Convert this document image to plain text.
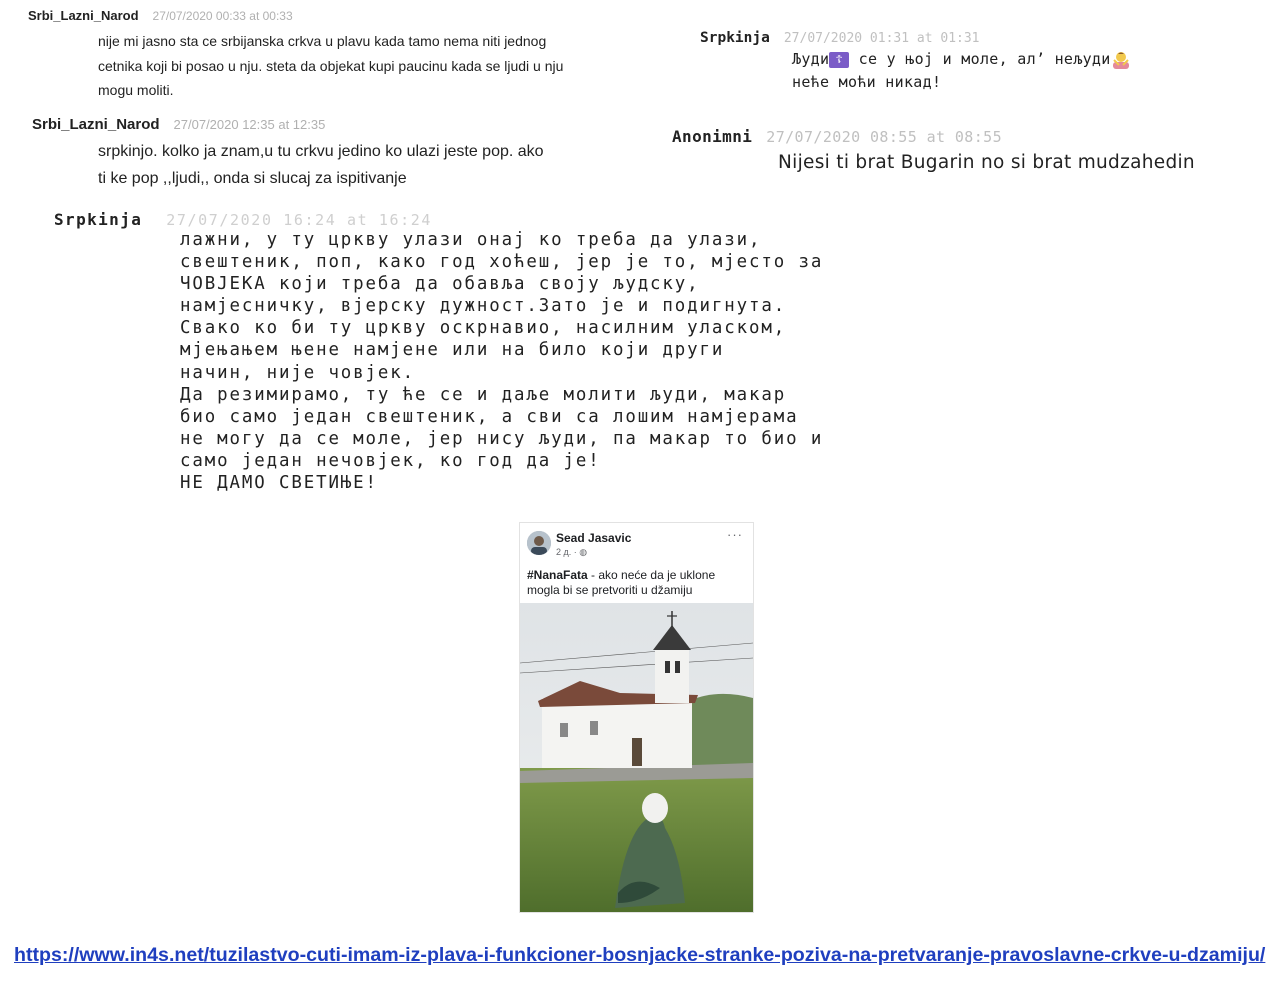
Srbi_Lazni_Narod 27/07/2020 00:33 at 00:33
nije mi jasno sta ce srbijanska crkva u plavu kada tamo nema niti jednog
cetnika koji bi posao u nju. steta da objekat kupi paucinu kada se ljudi u nju
mogu moliti.
Srpkinja 27/07/2020 01:31 at 01:31
Људи ☦ се у њој и моле, ал’ нељуди
неће моћи никад!
Srbi_Lazni_Narod 27/07/2020 12:35 at 12:35
srpkinjo. kolko ja znam,u tu crkvu jedino ko ulazi jeste pop. ako
ti ke pop ,,ljudi,, onda si slucaj za ispitivanje
Anonimni 27/07/2020 08:55 at 08:55
Nijesi ti brat Bugarin no si brat mudzahedin
Srpkinja 27/07/2020 16:24 at 16:24
лажни, у ту цркву улази онај ко треба да улази,
свештеник, поп, како год хоћеш, јер је то, мјесто за
ЧОВЈЕКА који треба да обавља своју људску,
намјесничку, вјерску дужност.Зато је и подигнута.
Свако ко би ту цркву оскрнавио, насилним уласком,
мјењањем њене намјене или на било који други
начин, није човјек.
Да резимирамо, ту ће се и даље молити људи, макар
био само један свештеник, а сви са лошим намјерама
не могу да се моле, јер нису људи, па макар то био и
само један нечовјек, ко год да је!
НЕ ДАМО СВЕТИЊЕ!
Sead Jasavic
2 д. · ◍
···
#NanaFata - ako neće da je uklone mogla bi se pretvoriti u džamiju
https://www.in4s.net/tuzilastvo-cuti-imam-iz-plava-i-funkcioner-bosnjacke-stranke-poziva-na-pretvaranje-pravoslavne-crkve-u-dzamiju/
